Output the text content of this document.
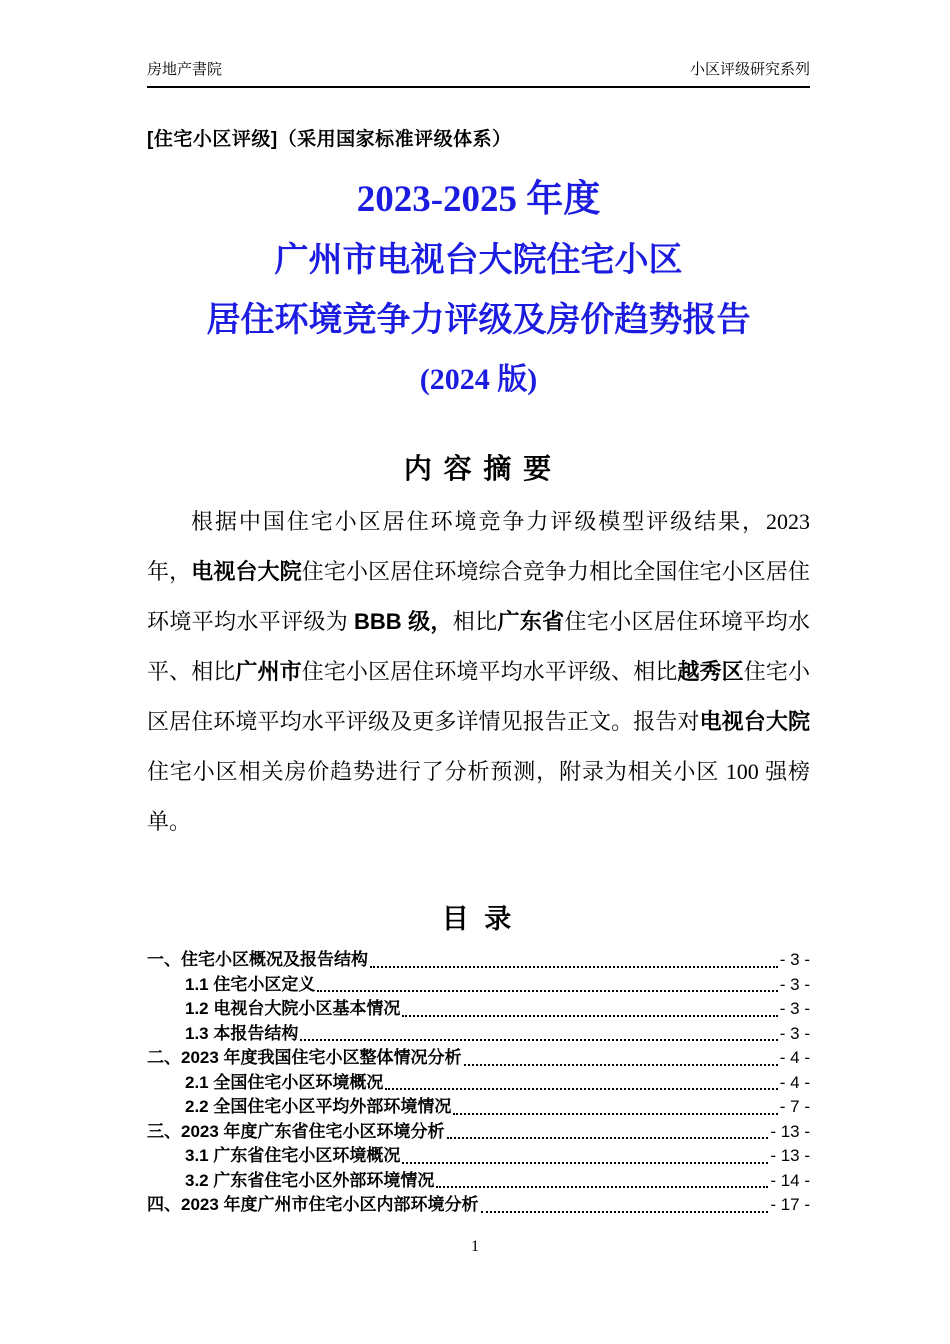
房地产書院	小区评级研究系列
[住宅小区评级]（采用国家标准评级体系）
2023-2025 年度
广州市电视台大院住宅小区
居住环境竞争力评级及房价趋势报告
(2024 版)
内 容 摘 要

根据中国住宅小区居住环境竞争力评级模型评级结果，2023 年，电视台大院住宅小区居住环境综合竞争力相比全国住宅小区居住环境平均水平评级为 BBB 级，相比广东省住宅小区居住环境平均水平、相比广州市住宅小区居住环境平均水平评级、相比越秀区住宅小区居住环境平均水平评级及更多详情见报告正文。报告对电视台大院住宅小区相关房价趋势进行了分析预测，附录为相关小区 100 强榜单。

目 录
一、住宅小区概况及报告结构	- 3 -
1.1 住宅小区定义	- 3 -
1.2 电视台大院小区基本情况	- 3 -
1.3 本报告结构	- 3 -
二、2023 年度我国住宅小区整体情况分析	- 4 -
2.1 全国住宅小区环境概况	- 4 -
2.2 全国住宅小区平均外部环境情况	- 7 -
三、2023 年度广东省住宅小区环境分析	- 13 -
3.1 广东省住宅小区环境概况	- 13 -
3.2 广东省住宅小区外部环境情况	- 14 -
四、2023 年度广州市住宅小区内部环境分析	- 17 -
1
